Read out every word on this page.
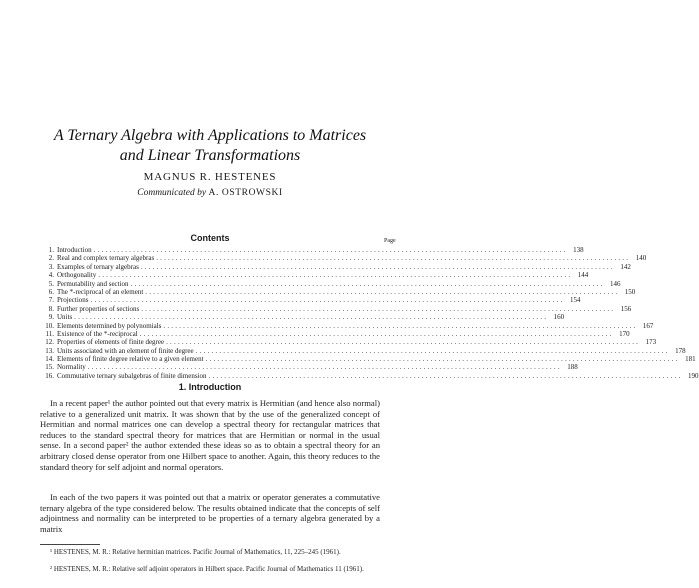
A Ternary Algebra with Applications to Matrices
and Linear Transformations
MAGNUS R. HESTENES
Communicated by A. OSTROWSKI
Contents	Page
1. Introduction ........................................................................................................................ 138
2. Real and complex ternary algebras ........................................................................................................................ 140
3. Examples of ternary algebras ........................................................................................................................ 142
4. Orthogonality ........................................................................................................................ 144
5. Permutability and section ........................................................................................................................ 146
6. The *-reciprocal of an element ........................................................................................................................ 150
7. Projections ........................................................................................................................ 154
8. Further properties of sections ........................................................................................................................ 156
9. Units ........................................................................................................................ 160
10. Elements determined by polynomials ........................................................................................................................ 167
11. Existence of the *-reciprocal ........................................................................................................................ 170
12. Properties of elements of finite degree ........................................................................................................................ 173
13. Units associated with an element of finite degree ........................................................................................................................ 178
14. Elements of finite degree relative to a given element ........................................................................................................................ 181
15. Normality ........................................................................................................................ 188
16. Commutative ternary subalgebras of finite dimension ........................................................................................................................ 190
1. Introduction
In a recent paper¹ the author pointed out that every matrix is Hermitian (and hence also normal) relative to a generalized unit matrix. It was shown that by the use of the generalized concept of Hermitian and normal matrices one can develop a spectral theory for rectangular matrices that reduces to the standard spectral theory for matrices that are Hermitian or normal in the usual sense. In a second paper² the author extended these ideas so as to obtain a spectral theory for an arbitrary closed dense operator from one Hilbert space to another. Again, this theory reduces to the standard theory for self adjoint and normal operators.
In each of the two papers it was pointed out that a matrix or operator generates a commutative ternary algebra of the type considered below. The results obtained indicate that the concepts of self adjointness and normality can be interpreted to be properties of a ternary algebra generated by a matrix
¹ HESTENES, M. R.: Relative hermitian matrices. Pacific Journal of Mathematics, 11, 225–245 (1961).
² HESTENES, M. R.: Relative self adjoint operators in Hilbert space. Pacific Journal of Mathematics 11 (1961).
